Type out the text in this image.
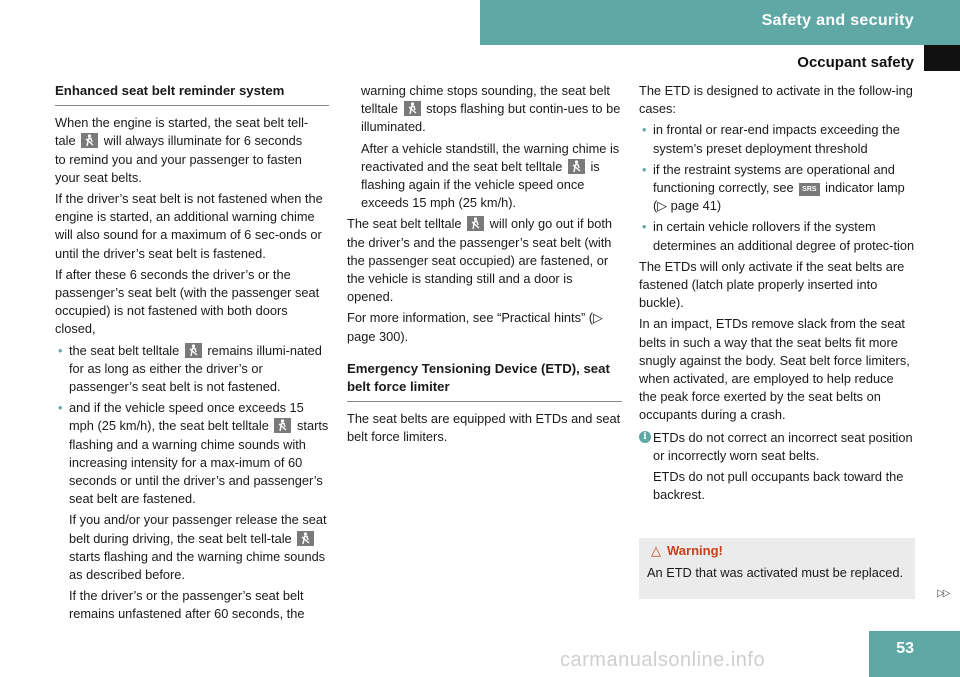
Safety and security
Occupant safety
Enhanced seat belt reminder system

When the engine is started, the seat belt tell-
tale will always illuminate for 6 seconds
to remind you and your passenger to fasten
your seat belts.

If the driver’s seat belt is not fastened when the engine is started, an additional warning chime will also sound for a maximum of 6 sec-onds or until the driver’s seat belt is fastened.

If after these 6 seconds the driver’s or the passenger’s seat belt (with the passenger seat occupied) is not fastened with both doors closed,

• the seat belt telltale remains illumi-nated for as long as either the driver’s or passenger’s seat belt is not fastened.
• and if the vehicle speed once exceeds 15 mph (25 km/h), the seat belt telltale starts flashing and a warning chime sounds with increasing intensity for a max-imum of 60 seconds or until the driver’s and passenger’s seat belt are fastened.
If you and/or your passenger release the seat belt during driving, the seat belt tell-tale
starts flashing and the warning chime sounds as described before.
If the driver’s or the passenger’s seat belt remains unfastened after 60 seconds, the
warning chime stops sounding, the seat belt telltale stops flashing but contin-ues to be illuminated.
After a vehicle standstill, the warning chime is reactivated and the seat belt telltale is flashing again if the vehicle speed once exceeds 15 mph (25 km/h).

The seat belt telltale will only go out if both the driver’s and the passenger’s seat belt (with the passenger seat occupied) are fastened, or the vehicle is standing still and a door is opened.

For more information, see “Practical hints” (▷ page 300).

Emergency Tensioning Device (ETD), seat belt force limiter

The seat belts are equipped with ETDs and seat belt force limiters.

The ETD is designed to activate in the follow-ing cases:

• in frontal or rear-end impacts exceeding the system’s preset deployment threshold
• if the restraint systems are operational and functioning correctly, see SRS indicator lamp (▷ page 41)
• in certain vehicle rollovers if the system determines an additional degree of protec-tion

The ETDs will only activate if the seat belts are fastened (latch plate properly inserted into buckle).

In an impact, ETDs remove slack from the seat belts in such a way that the seat belts fit more snugly against the body. Seat belt force limiters, when activated, are employed to help reduce the peak force exerted by the seat belts on occupants during a crash.

i ETDs do not correct an incorrect seat position or incorrectly worn seat belts.
ETDs do not pull occupants back toward the backrest.
△ Warning!
An ETD that was activated must be replaced.
▷▷
53
carmanualsonline.info
